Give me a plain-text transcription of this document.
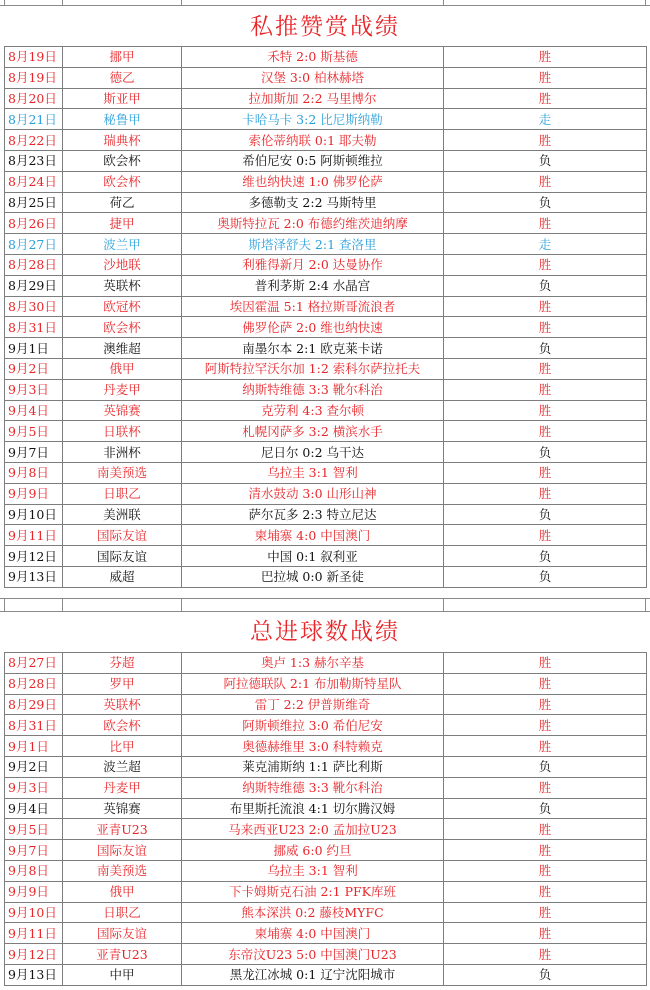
私推赞赏战绩
8月19日	挪甲	禾特 2:0 斯基德	胜
8月19日	德乙	汉堡 3:0 柏林赫塔	胜
8月20日	斯亚甲	拉加斯加 2:2 马里博尔	胜
8月21日	秘鲁甲	卡哈马卡 3:2 比尼斯纳勒	走
8月22日	瑞典杯	索伦蒂纳联 0:1 耶夫勒	胜
8月23日	欧会杯	希伯尼安 0:5 阿斯顿维拉	负
8月24日	欧会杯	维也纳快速 1:0 佛罗伦萨	胜
8月25日	荷乙	多德勒支 2:2 马斯特里	负
8月26日	捷甲	奥斯特拉瓦 2:0 布德约维茨迪纳摩	胜
8月27日	波兰甲	斯塔泽舒夫 2:1 查洛里	走
8月28日	沙地联	利雅得新月 2:0 达曼协作	胜
8月29日	英联杯	普利茅斯 2:4 水晶宫	负
8月30日	欧冠杯	埃因霍温 5:1 格拉斯哥流浪者	胜
8月31日	欧会杯	佛罗伦萨 2:0 维也纳快速	胜
9月1日	澳维超	南墨尔本 2:1 欧克莱卡诺	负
9月2日	俄甲	阿斯特拉罕沃尔加 1:2 索科尔萨拉托夫	胜
9月3日	丹麦甲	纳斯特维德 3:3 靴尔科治	胜
9月4日	英锦赛	克劳利 4:3 查尔顿	胜
9月5日	日联杯	札幌冈萨多 3:2 横滨水手	胜
9月7日	非洲杯	尼日尔 0:2 乌干达	负
9月8日	南美预选	乌拉圭 3:1 智利	胜
9月9日	日职乙	清水鼓动 3:0 山形山神	胜
9月10日	美洲联	萨尔瓦多 2:3 特立尼达	负
9月11日	国际友谊	柬埔寨 4:0 中国澳门	胜
9月12日	国际友谊	中国 0:1 叙利亚	负
9月13日	威超	巴拉城 0:0 新圣徒	负
总进球数战绩
8月27日	芬超	奥卢 1:3 赫尔辛基	胜
8月28日	罗甲	阿拉德联队 2:1 布加勒斯特星队	胜
8月29日	英联杯	雷丁 2:2 伊普斯维奇	胜
8月31日	欧会杯	阿斯顿维拉 3:0 希伯尼安	胜
9月1日	比甲	奥德赫维里 3:0 科特赖克	胜
9月2日	波兰超	莱克浦斯纳 1:1 萨比利斯	负
9月3日	丹麦甲	纳斯特维德 3:3 靴尔科治	胜
9月4日	英锦赛	布里斯托流浪 4:1 切尔腾汉姆	负
9月5日	亚青U23	马来西亚U23 2:0 孟加拉U23	胜
9月7日	国际友谊	挪威 6:0 约旦	胜
9月8日	南美预选	乌拉圭 3:1 智利	胜
9月9日	俄甲	下卡姆斯克石油 2:1 PFK库班	胜
9月10日	日职乙	熊本深洪 0:2 藤枝MYFC	胜
9月11日	国际友谊	柬埔寨 4:0 中国澳门	胜
9月12日	亚青U23	东帝汶U23 5:0 中国澳门U23	胜
9月13日	中甲	黑龙江冰城 0:1 辽宁沈阳城市	负
